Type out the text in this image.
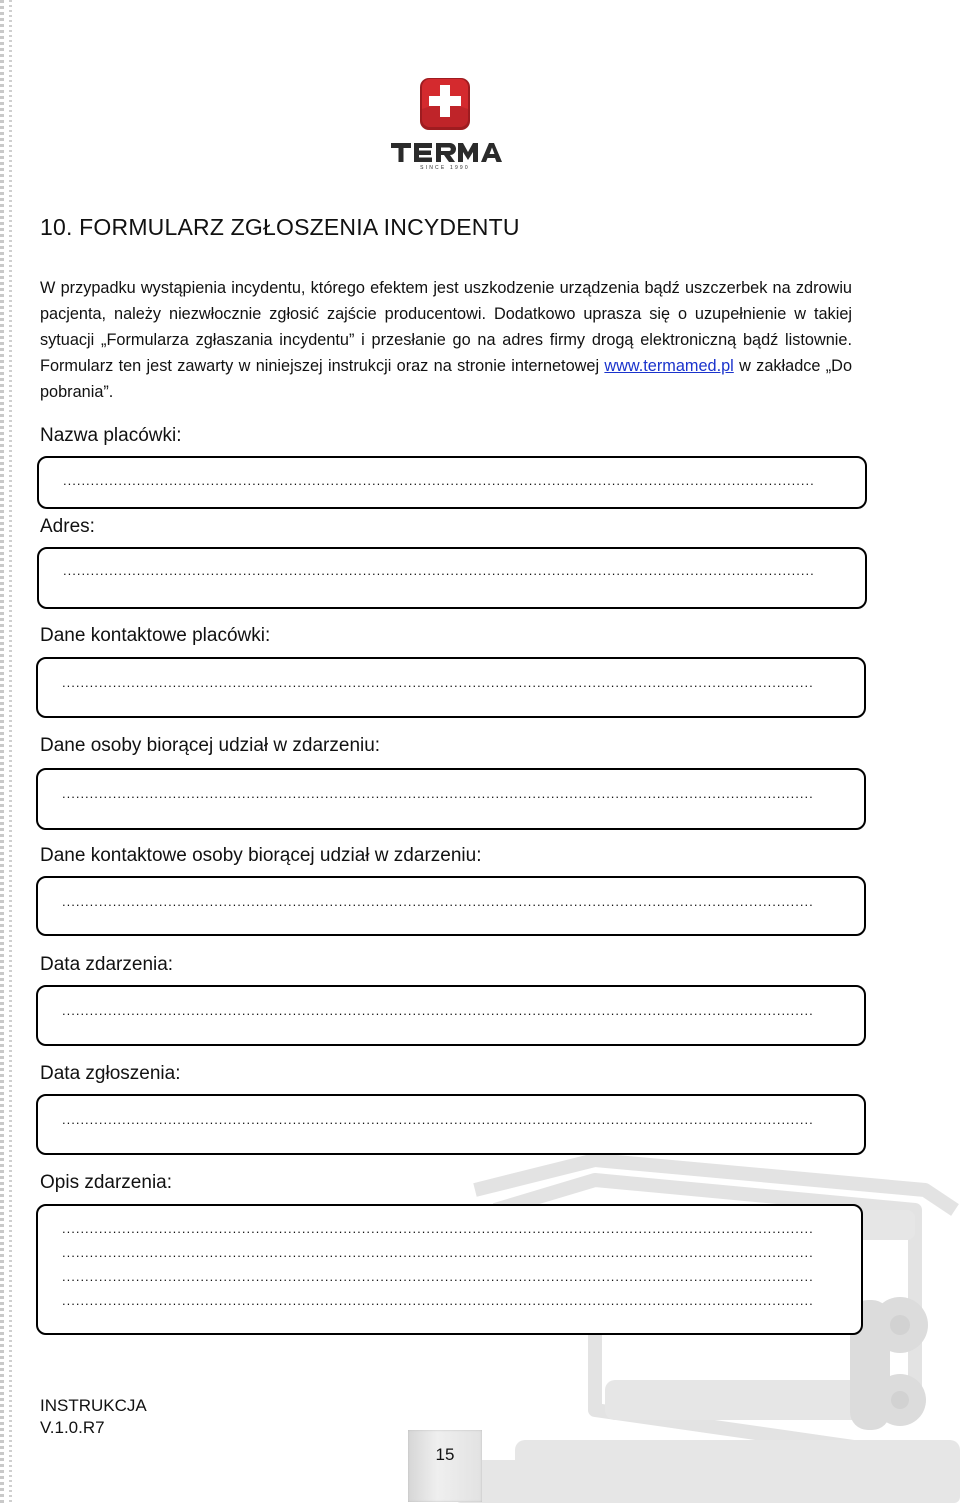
SINCE 1990
10. FORMULARZ ZGŁOSZENIA INCYDENTU

W przypadku wystąpienia incydentu, którego efektem jest uszkodzenie urządzenia bądź uszczerbek na zdrowiu pacjenta, należy niezwłocznie zgłosić zajście producentowi. Dodatkowo uprasza się o uzupełnienie w takiej sytuacji „Formularza zgłaszania incydentu” i przesłanie go na adres firmy drogą elektroniczną bądź listownie. Formularz ten jest zawarty w niniejszej instrukcji oraz na stronie internetowej www.termamed.pl w zakładce „Do pobrania”.

Nazwa placówki:
...................................................................................................................................................................
Adres:
...................................................................................................................................................................
Dane kontaktowe placówki:
...................................................................................................................................................................
Dane osoby biorącej udział w zdarzeniu:
...................................................................................................................................................................
Dane kontaktowe osoby biorącej udział w zdarzeniu:
...................................................................................................................................................................
Data zdarzenia:
...................................................................................................................................................................
Data zgłoszenia:
...................................................................................................................................................................
Opis zdarzenia:
...................................................................................................................................................................
...................................................................................................................................................................
...................................................................................................................................................................
...................................................................................................................................................................
INSTRUKCJA
V.1.0.R7
15
